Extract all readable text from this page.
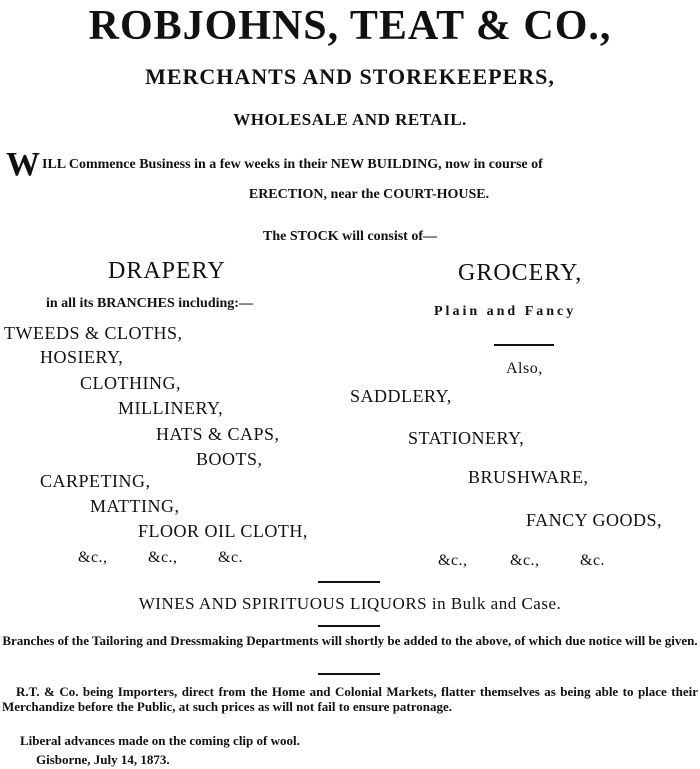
ROBJOHNS, TEAT & CO.,
MERCHANTS AND STOREKEEPERS,
WHOLESALE AND RETAIL.
W ILL Commence Business in a few weeks in their NEW BUILDING, now in course of
ERECTION, near the COURT-HOUSE.
The STOCK will consist of—
DRAPERY
in all its BRANCHES including:—
TWEEDS & CLOTHS,
HOSIERY,
CLOTHING,
MILLINERY,
HATS & CAPS,
BOOTS,
CARPETING,
MATTING,
FLOOR OIL CLOTH,
&c.,	&c.,	&c.
GROCERY,
Plain and Fancy
Also,
SADDLERY,
STATIONERY,
BRUSHWARE,
FANCY GOODS,
&c.,	&c.,	&c.
WINES AND SPIRITUOUS LIQUORS in Bulk and Case.
Branches of the Tailoring and Dressmaking Departments will shortly be added to the above, of which due notice will be given.
R.T. & Co. being Importers, direct from the Home and Colonial Markets, flatter themselves as being able to place their Merchandize before the Public, at such prices as will not fail to ensure patronage.
Liberal advances made on the coming clip of wool.
Gisborne, July 14, 1873.
